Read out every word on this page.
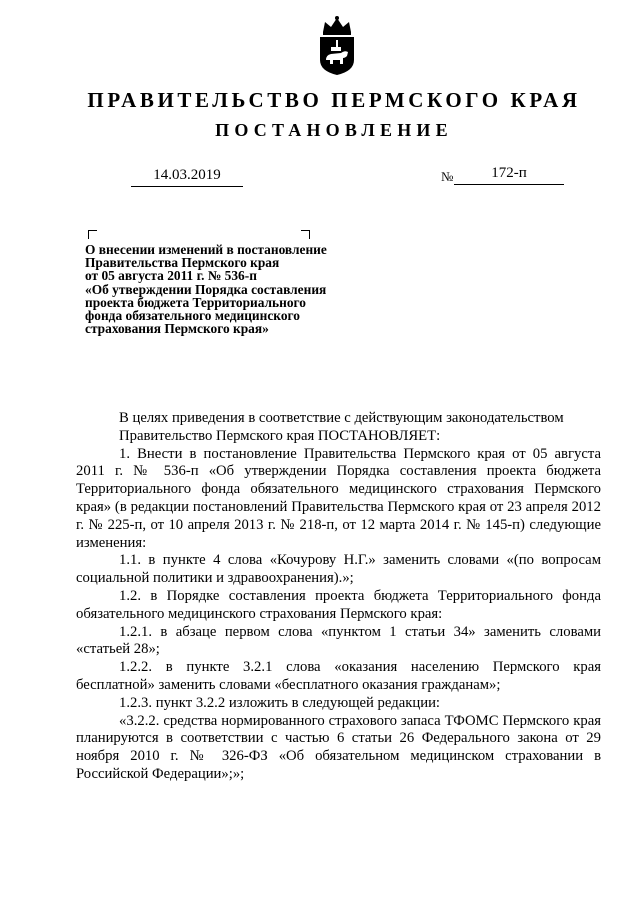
ПРАВИТЕЛЬСТВО ПЕРМСКОГО КРАЯ
ПОСТАНОВЛЕНИЕ
14.03.2019	№	172-п
О внесении изменений в постановление
Правительства Пермского края
от 05 августа 2011 г. № 536-п
«Об утверждении Порядка составления
проекта бюджета Территориального
фонда обязательного медицинского
страхования Пермского края»
В целях приведения в соответствие с действующим законодательством
Правительство Пермского края ПОСТАНОВЛЯЕТ:
1. Внести в постановление Правительства Пермского края от 05 августа 2011 г. № 536-п «Об утверждении Порядка составления проекта бюджета Территориального фонда обязательного медицинского страхования Пермского края» (в редакции постановлений Правительства Пермского края от 23 апреля 2012 г. № 225-п, от 10 апреля 2013 г. № 218-п, от 12 марта 2014 г. № 145-п) следующие изменения:
1.1. в пункте 4 слова «Кочурову Н.Г.» заменить словами «(по вопросам социальной политики и здравоохранения).»;
1.2. в Порядке составления проекта бюджета Территориального фонда обязательного медицинского страхования Пермского края:
1.2.1. в абзаце первом слова «пунктом 1 статьи 34» заменить словами «статьей 28»;
1.2.2. в пункте 3.2.1 слова «оказания населению Пермского края бесплатной» заменить словами «бесплатного оказания гражданам»;
1.2.3. пункт 3.2.2 изложить в следующей редакции:
«3.2.2. средства нормированного страхового запаса ТФОМС Пермского края планируются в соответствии с частью 6 статьи 26 Федерального закона от 29 ноября 2010 г. № 326-ФЗ «Об обязательном медицинском страховании в Российской Федерации»;»;
